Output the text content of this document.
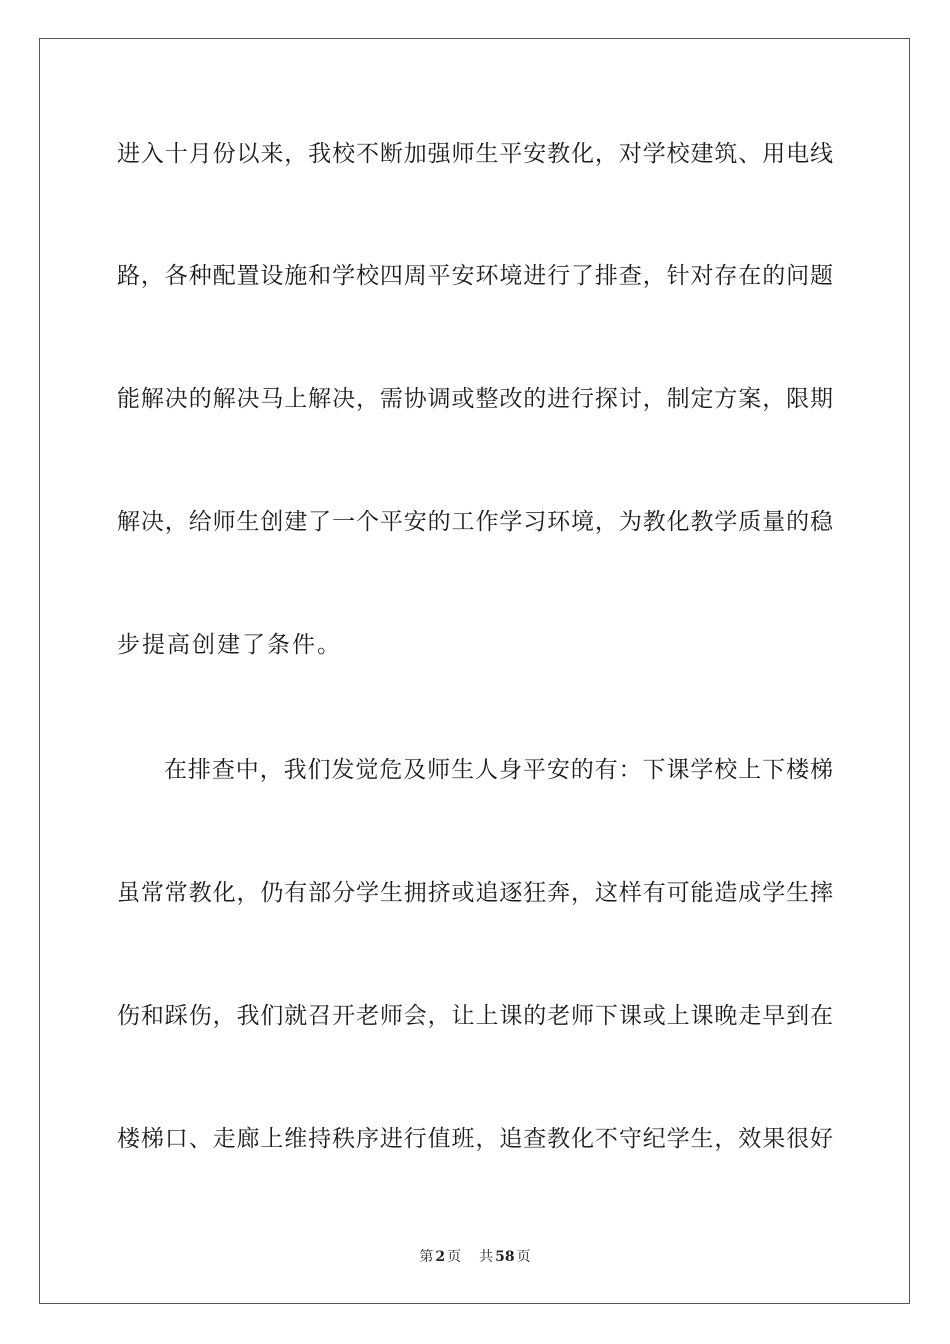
进入十月份以来，我校不断加强师生平安教化，对学校建筑、用电线
路，各种配置设施和学校四周平安环境进行了排查，针对存在的问题
能解决的解决马上解决，需协调或整改的进行探讨，制定方案，限期
解决，给师生创建了一个平安的工作学习环境，为教化教学质量的稳
步提高创建了条件。
在排查中，我们发觉危及师生人身平安的有：下课学校上下楼梯
虽常常教化，仍有部分学生拥挤或追逐狂奔，这样有可能造成学生摔
伤和踩伤，我们就召开老师会，让上课的老师下课或上课晚走早到在
楼梯口、走廊上维持秩序进行值班，追查教化不守纪学生，效果很好
第 2 页 共 58 页
